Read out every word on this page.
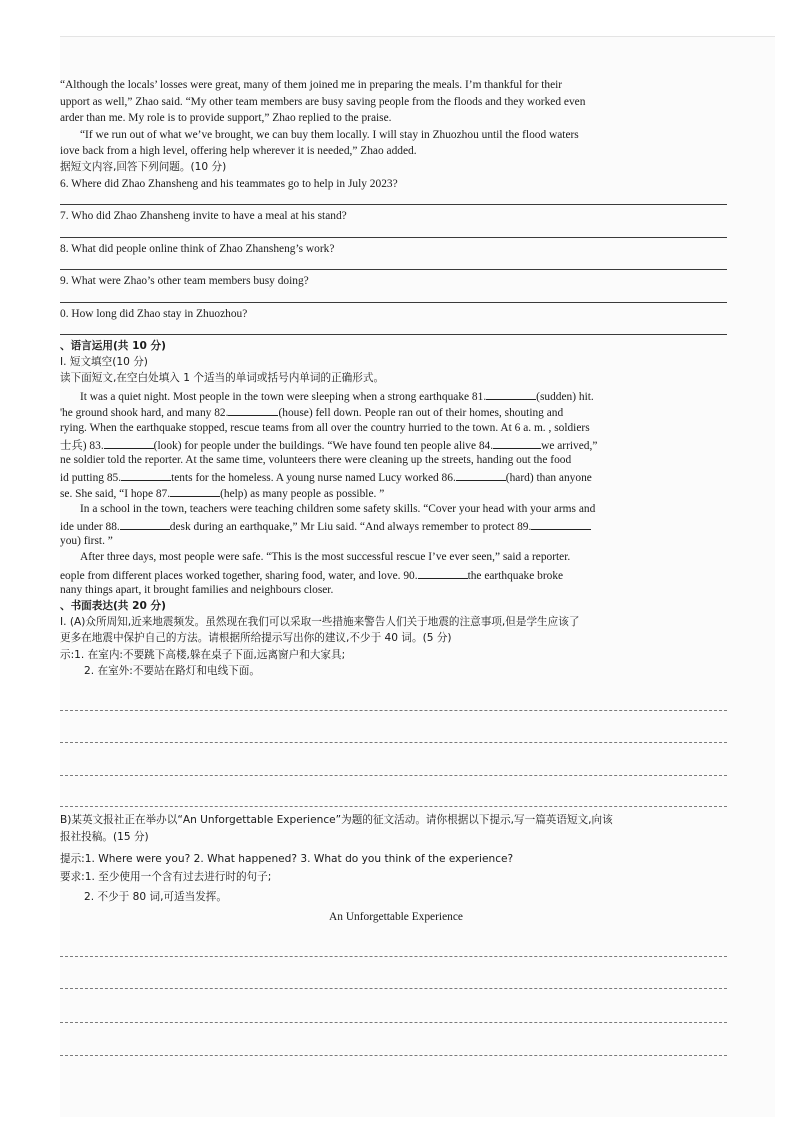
“Although the locals’ losses were great, many of them joined me in preparing the meals. I’m thankful for their
upport as well,” Zhao said. “My other team members are busy saving people from the floods and they worked even
arder than me. My role is to provide support,” Zhao replied to the praise.
“If we run out of what we’ve brought, we can buy them locally. I will stay in Zhuozhou until the flood waters
iove back from a high level, offering help wherever it is needed,” Zhao added.
据短文内容,回答下列问题。(10 分)
6. Where did Zhao Zhansheng and his teammates go to help in July 2023?
7. Who did Zhao Zhansheng invite to have a meal at his stand?
8. What did people online think of Zhao Zhansheng’s work?
9. What were Zhao’s other team members busy doing?
0. How long did Zhao stay in Zhuozhou?
、语言运用(共 10 分)
I. 短文填空(10 分)
读下面短文,在空白处填入 1 个适当的单词或括号内单词的正确形式。
It was a quiet night. Most people in the town were sleeping when a strong earthquake 81.	(sudden) hit.
'he ground shook hard, and many 82.	(house) fell down. People ran out of their homes, shouting and
rying. When the earthquake stopped, rescue teams from all over the country hurried to the town. At 6 a. m. , soldiers
士兵) 83.	(look) for people under the buildings. “We have found ten people alive 84.	we arrived,”
ne soldier told the reporter. At the same time, volunteers there were cleaning up the streets, handing out the food
id putting 85.	tents for the homeless. A young nurse named Lucy worked 86.	(hard) than anyone
se. She said, “I hope 87.	(help) as many people as possible. ”
In a school in the town, teachers were teaching children some safety skills. “Cover your head with your arms and
ide under 88.	desk during an earthquake,” Mr Liu said. “And always remember to protect 89.
you) first. ”
After three days, most people were safe. “This is the most successful rescue I’ve ever seen,” said a reporter.
eople from different places worked together, sharing food, water, and love. 90.	the earthquake broke
nany things apart, it brought families and neighbours closer.
、书面表达(共 20 分)
I. (A)众所周知,近来地震频发。虽然现在我们可以采取一些措施来警告人们关于地震的注意事项,但是学生应该了
更多在地震中保护自己的方法。请根据所给提示写出你的建议,不少于 40 词。(5 分)
示:1. 在室内:不要跳下高楼,躲在桌子下面,远离窗户和大家具;
2. 在室外:不要站在路灯和电线下面。
B)某英文报社正在举办以“An Unforgettable Experience”为题的征文活动。请你根据以下提示,写一篇英语短文,向该
报社投稿。(15 分)
提示:1. Where were you? 2. What happened? 3. What do you think of the experience?
要求:1. 至少使用一个含有过去进行时的句子;
2. 不少于 80 词,可适当发挥。
An Unforgettable Experience
